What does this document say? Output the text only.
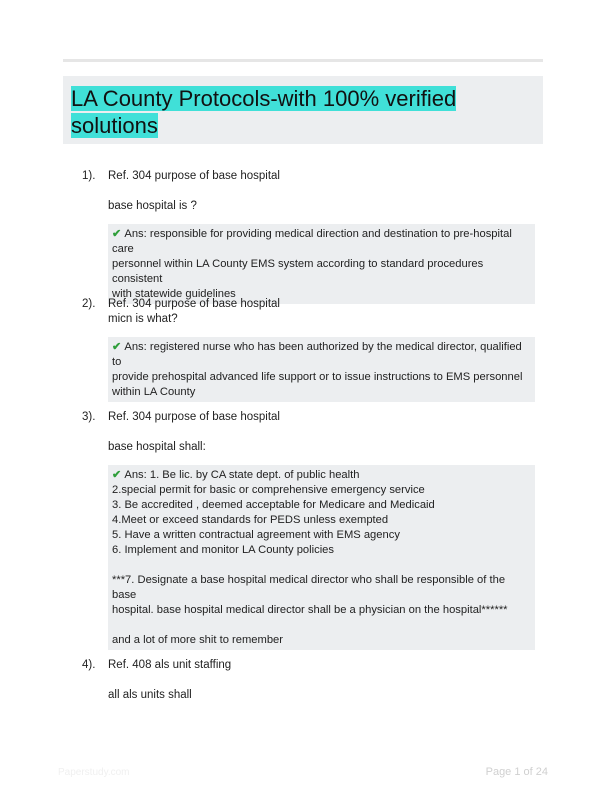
LA County Protocols-with 100% verified solutions
1). Ref. 304 purpose of base hospital
base hospital is ?
✔ Ans: responsible for providing medical direction and destination to pre-hospital care
personnel within LA County EMS system according to standard procedures consistent
with statewide guidelines
2). Ref. 304 purpose of base hospital
micn is what?
✔ Ans: registered nurse who has been authorized by the medical director, qualified to
provide prehospital advanced life support or to issue instructions to EMS personnel
within LA County
3). Ref. 304 purpose of base hospital
base hospital shall:
✔ Ans: 1. Be lic. by CA state dept. of public health
2.special permit for basic or comprehensive emergency service
3. Be accredited , deemed acceptable for Medicare and Medicaid
4.Meet or exceed standards for PEDS unless exempted
5. Have a written contractual agreement with EMS agency
6. Implement and monitor LA County policies
***7. Designate a base hospital medical director who shall be responsible of the base
hospital. base hospital medical director shall be a physician on the hospital******
and a lot of more shit to remember
4). Ref. 408 als unit staffing
all als units shall
Paperstudy.com	Page 1 of 24
